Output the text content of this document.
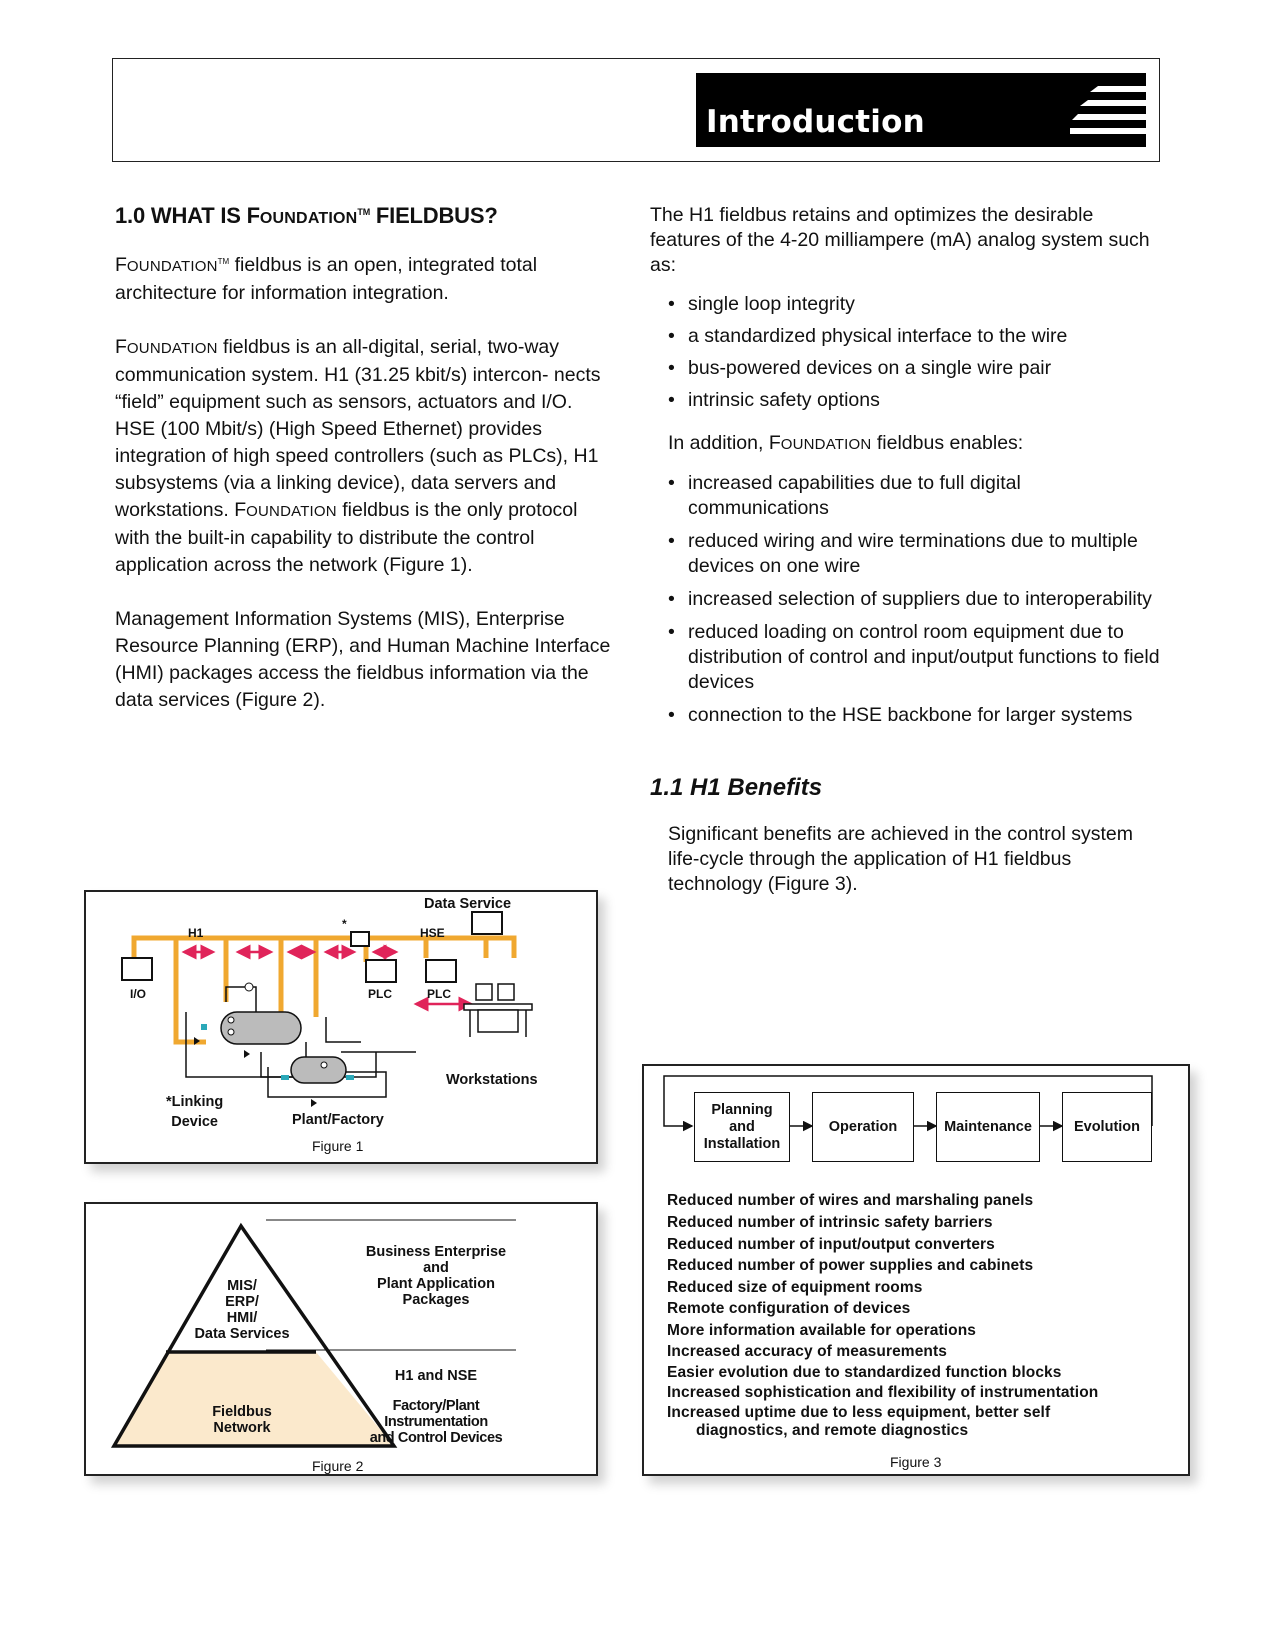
Introduction
1.0 WHAT IS FOUNDATION™ FIELDBUS?

FOUNDATION™ fieldbus is an open, integrated total architecture for information integration.

FOUNDATION fieldbus is an all-digital, serial, two-way communication system. H1 (31.25 kbit/s) intercon- nects “field” equipment such as sensors, actuators and I/O. HSE (100 Mbit/s) (High Speed Ethernet) provides integration of high speed controllers (such as PLCs), H1 subsystems (via a linking device), data servers and workstations. FOUNDATION fieldbus is the only protocol with the built-in capability to distribute the control application across the network (Figure 1).

Management Information Systems (MIS), Enterprise Resource Planning (ERP), and Human Machine Interface (HMI) packages access the fieldbus information via the data services (Figure 2).

The H1 fieldbus retains and optimizes the desirable features of the 4-20 milliampere (mA) analog system such as:

• single loop integrity
• a standardized physical interface to the wire
• bus-powered devices on a single wire pair
• intrinsic safety options

In addition, FOUNDATION fieldbus enables:

• increased capabilities due to full digital communications
• reduced wiring and wire terminations due to multiple devices on one wire
• increased selection of suppliers due to interoperability
• reduced loading on control room equipment due to distribution of control and input/output functions to field devices
• connection to the HSE backbone for larger systems
1.1 H1 Benefits

Significant benefits are achieved in the control system life-cycle through the application of H1 fieldbus technology (Figure 3).

Data Service
H1
*
HSE
I/O	PLC	PLC
Workstations
*Linking
Device	Plant/Factory
Figure 1
MIS/
ERP/
HMI/
Data Services
Fieldbus
Network
Business Enterprise
and
Plant Application
Packages
H1 and NSE
Factory/Plant
Instrumentation
and Control Devices
Figure 2
Planning
and
Installation
Operation	Maintenance	Evolution
Reduced number of wires and marshaling panels
Reduced number of intrinsic safety barriers
Reduced number of input/output converters
Reduced number of power supplies and cabinets
Reduced size of equipment rooms
Remote configuration of devices
More information available for operations
Increased accuracy of measurements
Easier evolution due to standardized function blocks
Increased sophistication and flexibility of instrumentation
Increased uptime due to less equipment, better self
diagnostics, and remote diagnostics
Figure 3
